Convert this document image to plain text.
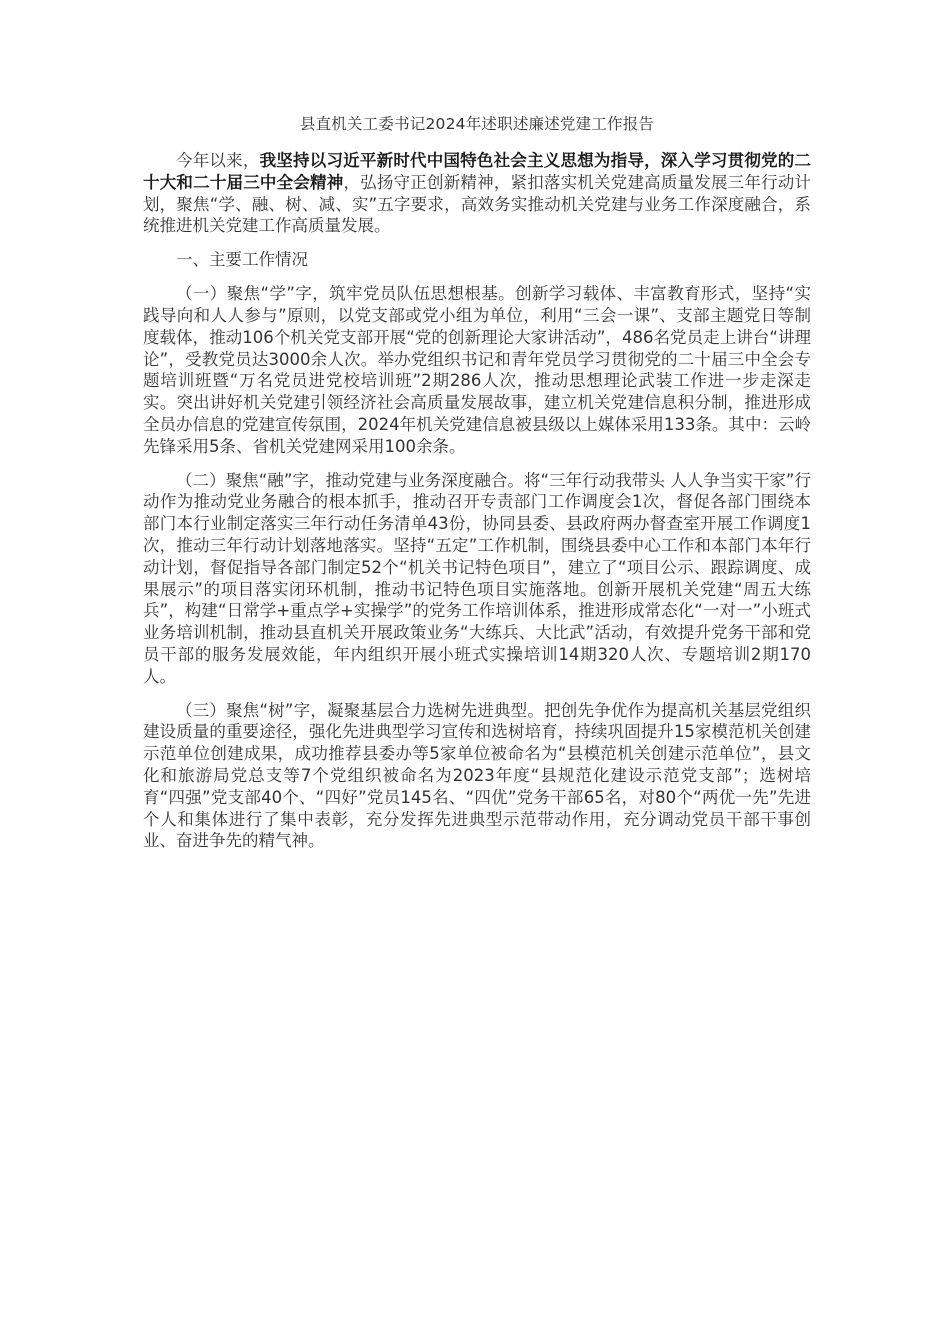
县直机关工委书记2024年述职述廉述党建工作报告

今年以来，我坚持以习近平新时代中国特色社会主义思想为指导，深入学习贯彻党的二十大和二十届三中全会精神，弘扬守正创新精神，紧扣落实机关党建高质量发展三年行动计划，聚焦“学、融、树、减、实”五字要求，高效务实推动机关党建与业务工作深度融合，系统推进机关党建工作高质量发展。

一、主要工作情况

（一）聚焦“学”字，筑牢党员队伍思想根基。创新学习载体、丰富教育形式，坚持“实践导向和人人参与”原则，以党支部或党小组为单位，利用“三会一课”、支部主题党日等制度载体，推动106个机关党支部开展“党的创新理论大家讲活动”，486名党员走上讲台“讲理论”，受教党员达3000余人次。举办党组织书记和青年党员学习贯彻党的二十届三中全会专题培训班暨“万名党员进党校培训班”2期286人次，推动思想理论武装工作进一步走深走实。突出讲好机关党建引领经济社会高质量发展故事，建立机关党建信息积分制，推进形成全员办信息的党建宣传氛围，2024年机关党建信息被县级以上媒体采用133条。其中：云岭先锋采用5条、省机关党建网采用100余条。

（二）聚焦“融”字，推动党建与业务深度融合。将“三年行动我带头 人人争当实干家”行动作为推动党业务融合的根本抓手，推动召开专责部门工作调度会1次，督促各部门围绕本部门本行业制定落实三年行动任务清单43份，协同县委、县政府两办督查室开展工作调度1次，推动三年行动计划落地落实。坚持“五定”工作机制，围绕县委中心工作和本部门本年行动计划，督促指导各部门制定52个“机关书记特色项目”，建立了“项目公示、跟踪调度、成果展示”的项目落实闭环机制，推动书记特色项目实施落地。创新开展机关党建“周五大练兵”，构建“日常学+重点学+实操学”的党务工作培训体系，推进形成常态化“一对一”小班式业务培训机制，推动县直机关开展政策业务“大练兵、大比武”活动，有效提升党务干部和党员干部的服务发展效能，年内组织开展小班式实操培训14期320人次、专题培训2期170人。

（三）聚焦“树”字，凝聚基层合力选树先进典型。把创先争优作为提高机关基层党组织建设质量的重要途径，强化先进典型学习宣传和选树培育，持续巩固提升15家模范机关创建示范单位创建成果，成功推荐县委办等5家单位被命名为“县模范机关创建示范单位”，县文化和旅游局党总支等7个党组织被命名为2023年度“县规范化建设示范党支部”；选树培育“四强”党支部40个、“四好”党员145名、“四优”党务干部65名，对80个“两优一先”先进个人和集体进行了集中表彰，充分发挥先进典型示范带动作用，充分调动党员干部干事创业、奋进争先的精气神。
